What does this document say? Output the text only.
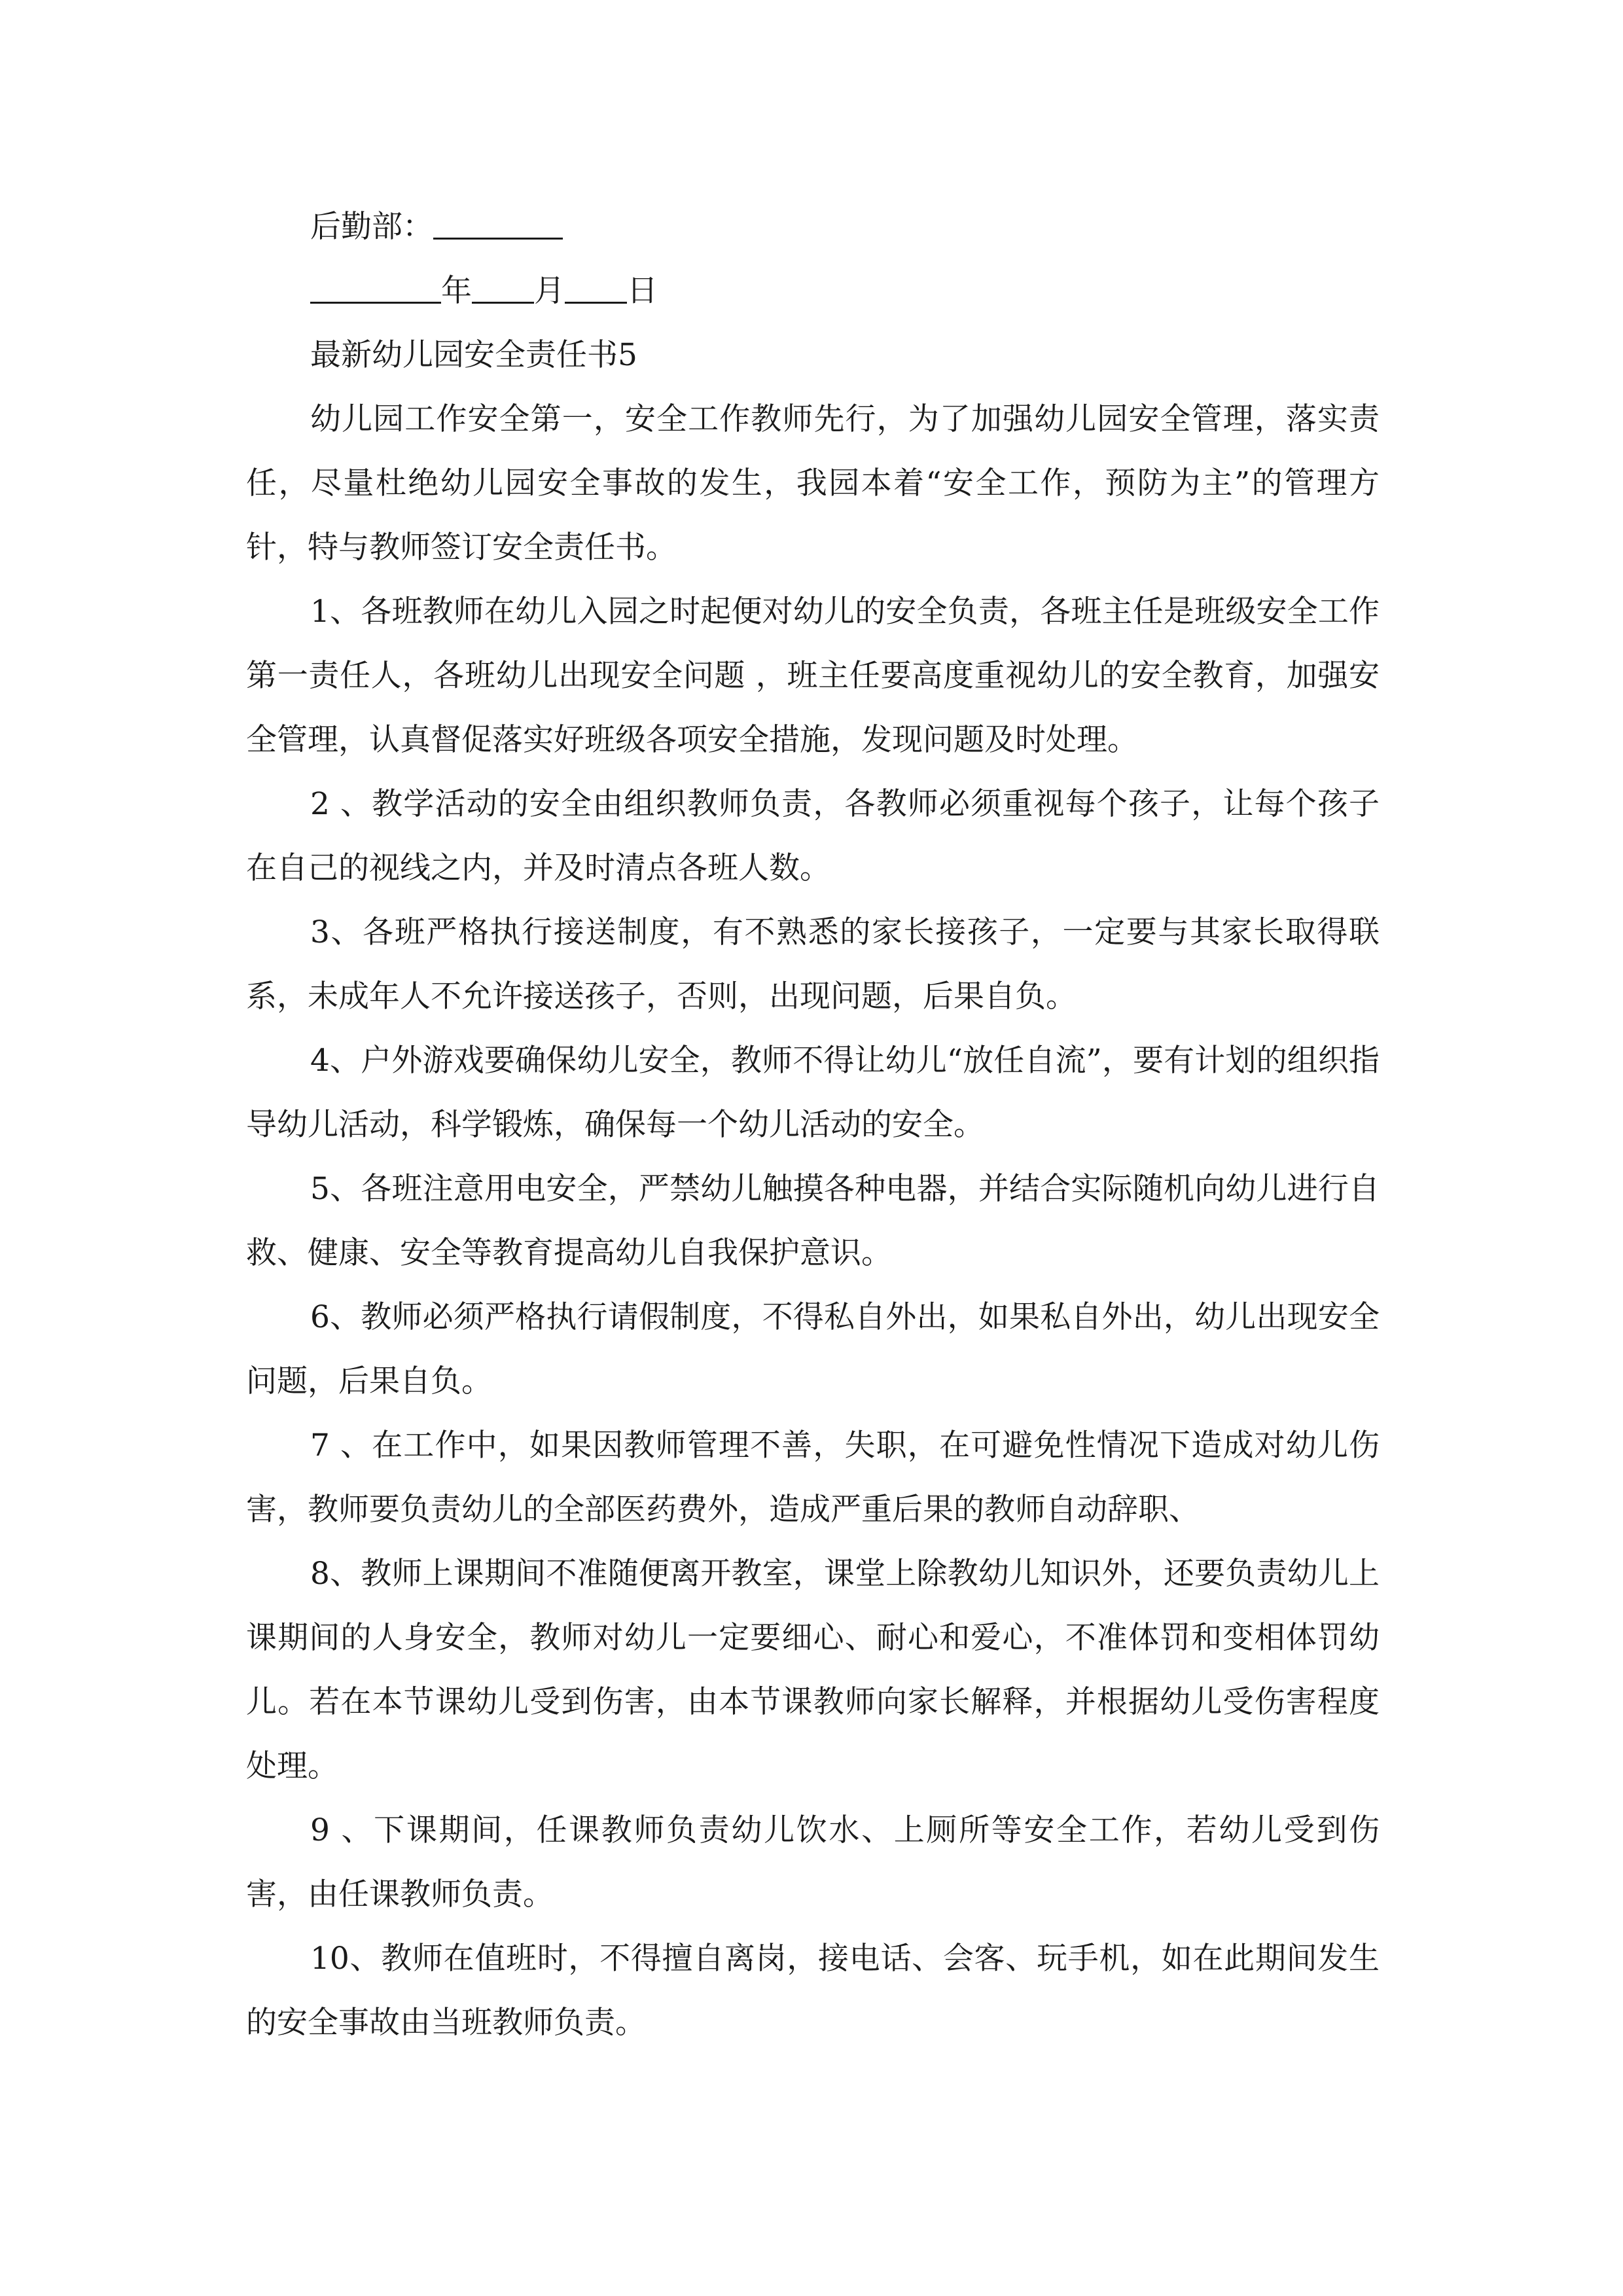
后勤部：

年 月 日

最新幼儿园安全责任书5

幼儿园工作安全第一，安全工作教师先行，为了加强幼儿园安全管理，落实责任，尽量杜绝幼儿园安全事故的发生，我园本着“安全工作，预防为主”的管理方针，特与教师签订安全责任书。

1、各班教师在幼儿入园之时起便对幼儿的安全负责，各班主任是班级安全工作第一责任人，各班幼儿出现安全问题 ，班主任要高度重视幼儿的安全教育，加强安全管理，认真督促落实好班级各项安全措施，发现问题及时处理。

2 、教学活动的安全由组织教师负责，各教师必须重视每个孩子，让每个孩子在自己的视线之内，并及时清点各班人数。

3、各班严格执行接送制度，有不熟悉的家长接孩子，一定要与其家长取得联系，未成年人不允许接送孩子，否则，出现问题，后果自负。

4、户外游戏要确保幼儿安全，教师不得让幼儿“放任自流”，要有计划的组织指导幼儿活动，科学锻炼，确保每一个幼儿活动的安全。

5、各班注意用电安全，严禁幼儿触摸各种电器，并结合实际随机向幼儿进行自救、健康、安全等教育提高幼儿自我保护意识。

6、教师必须严格执行请假制度，不得私自外出，如果私自外出，幼儿出现安全问题，后果自负。

7 、在工作中，如果因教师管理不善，失职，在可避免性情况下造成对幼儿伤害，教师要负责幼儿的全部医药费外，造成严重后果的教师自动辞职、

8、教师上课期间不准随便离开教室，课堂上除教幼儿知识外，还要负责幼儿上课期间的人身安全，教师对幼儿一定要细心、耐心和爱心，不准体罚和变相体罚幼儿。若在本节课幼儿受到伤害，由本节课教师向家长解释，并根据幼儿受伤害程度处理。

9 、下课期间，任课教师负责幼儿饮水、上厕所等安全工作，若幼儿受到伤害，由任课教师负责。

10、教师在值班时，不得擅自离岗，接电话、会客、玩手机，如在此期间发生的安全事故由当班教师负责。
